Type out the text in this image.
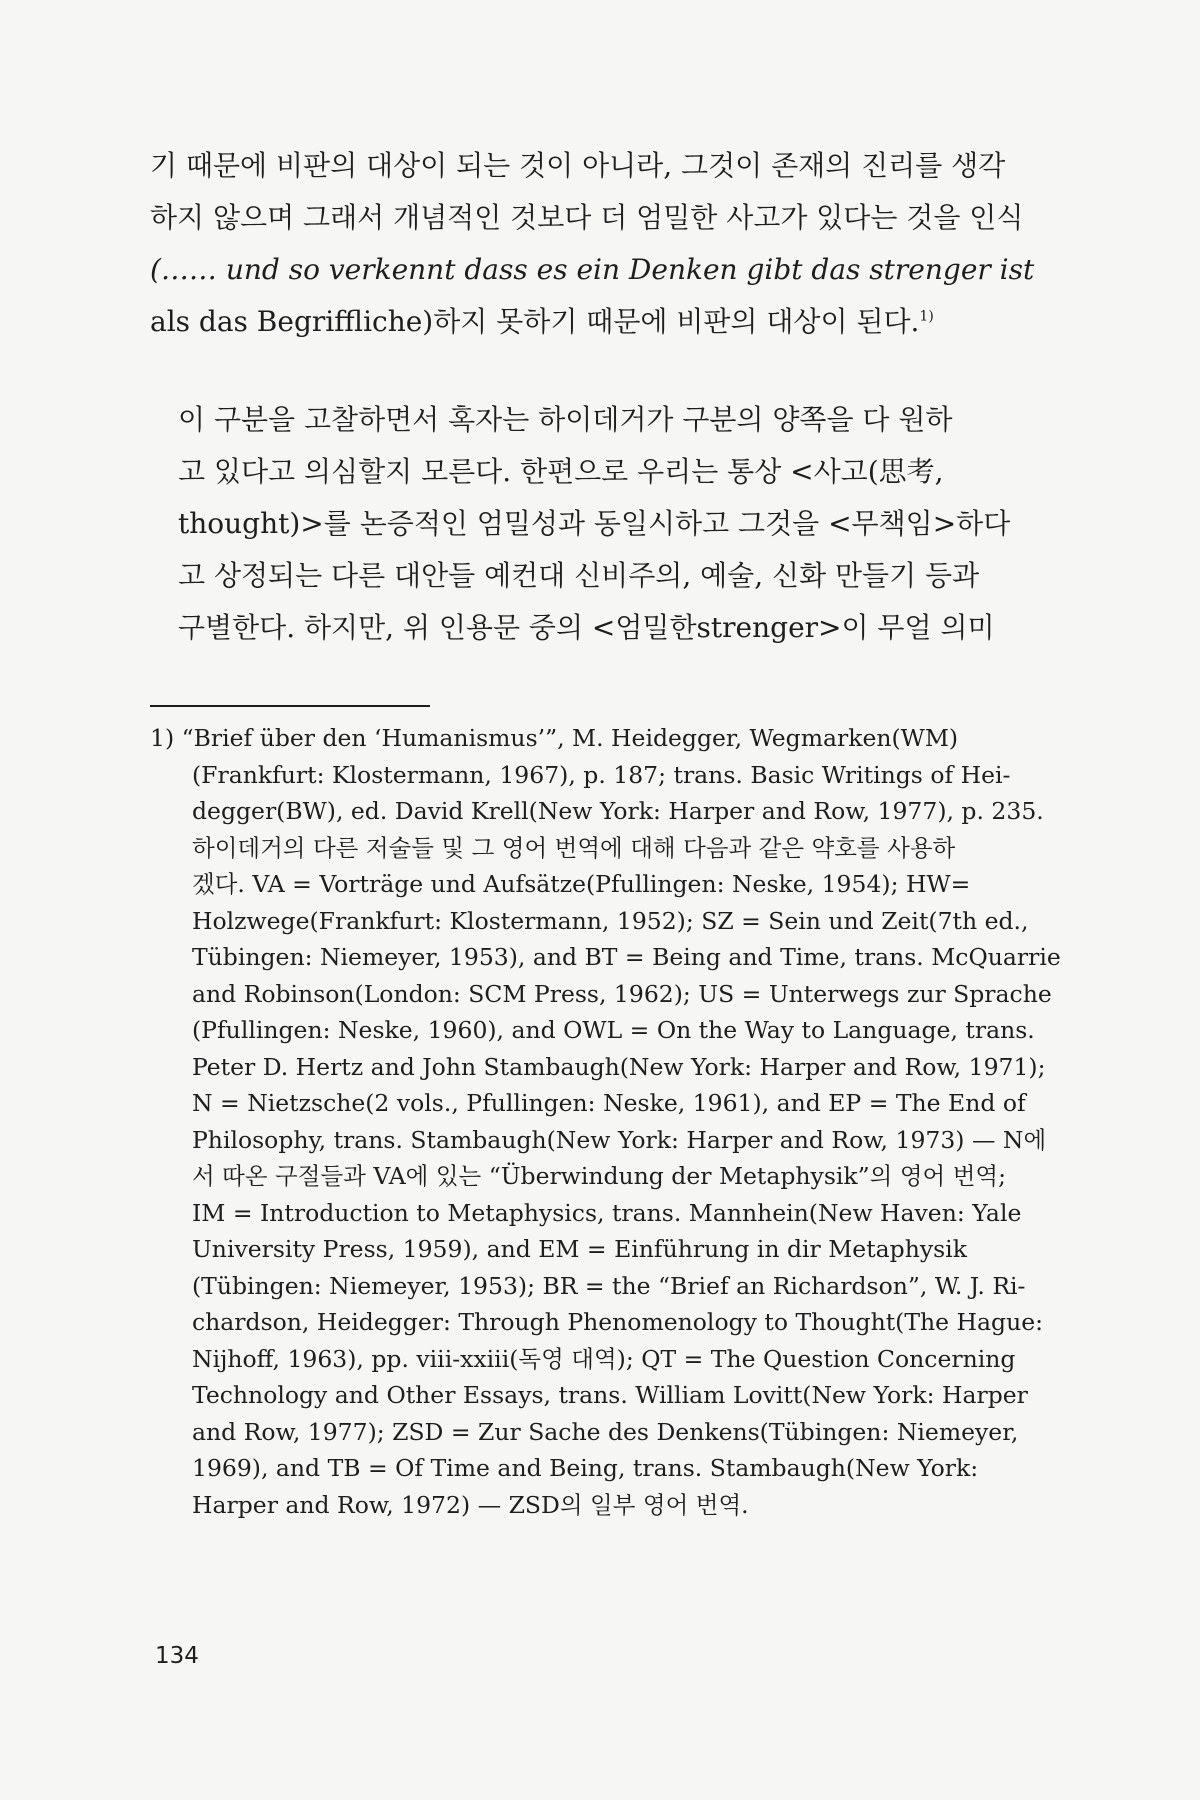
기 때문에 비판의 대상이 되는 것이 아니라, 그것이 존재의 진리를 생각
하지 않으며 그래서 개념적인 것보다 더 엄밀한 사고가 있다는 것을 인식
(…… und so verkennt dass es ein Denken gibt das strenger ist
als das Begriffliche)하지 못하기 때문에 비판의 대상이 된다.$^{1)}$

이 구분을 고찰하면서 혹자는 하이데거가 구분의 양쪽을 다 원하
고 있다고 의심할지 모른다. 한편으로 우리는 통상 <사고(思考,
thought)>를 논증적인 엄밀성과 동일시하고 그것을 <무책임>하다
고 상정되는 다른 대안들 예컨대 신비주의, 예술, 신화 만들기 등과
구별한다. 하지만, 위 인용문 중의 <엄밀한strenger>이 무얼 의미

1) “Brief über den ‘Humanismus’”, M. Heidegger, Wegmarken(WM)
(Frankfurt: Klostermann, 1967), p. 187; trans. Basic Writings of Hei-
degger(BW), ed. David Krell(New York: Harper and Row, 1977), p. 235.
하이데거의 다른 저술들 및 그 영어 번역에 대해 다음과 같은 약호를 사용하
겠다. VA = Vorträge und Aufsätze(Pfullingen: Neske, 1954); HW=
Holzwege(Frankfurt: Klostermann, 1952); SZ = Sein und Zeit(7th ed.,
Tübingen: Niemeyer, 1953), and BT = Being and Time, trans. McQuarrie
and Robinson(London: SCM Press, 1962); US = Unterwegs zur Sprache
(Pfullingen: Neske, 1960), and OWL = On the Way to Language, trans.
Peter D. Hertz and John Stambaugh(New York: Harper and Row, 1971);
N = Nietzsche(2 vols., Pfullingen: Neske, 1961), and EP = The End of
Philosophy, trans. Stambaugh(New York: Harper and Row, 1973) — N에
서 따온 구절들과 VA에 있는 “Überwindung der Metaphysik”의 영어 번역;
IM = Introduction to Metaphysics, trans. Mannhein(New Haven: Yale
University Press, 1959), and EM = Einführung in dir Metaphysik
(Tübingen: Niemeyer, 1953); BR = the “Brief an Richardson”, W. J. Ri-
chardson, Heidegger: Through Phenomenology to Thought(The Hague:
Nijhoff, 1963), pp. viii-xxiii(독영 대역); QT = The Question Concerning
Technology and Other Essays, trans. William Lovitt(New York: Harper
and Row, 1977); ZSD = Zur Sache des Denkens(Tübingen: Niemeyer,
1969), and TB = Of Time and Being, trans. Stambaugh(New York:
Harper and Row, 1972) — ZSD의 일부 영어 번역.
134
